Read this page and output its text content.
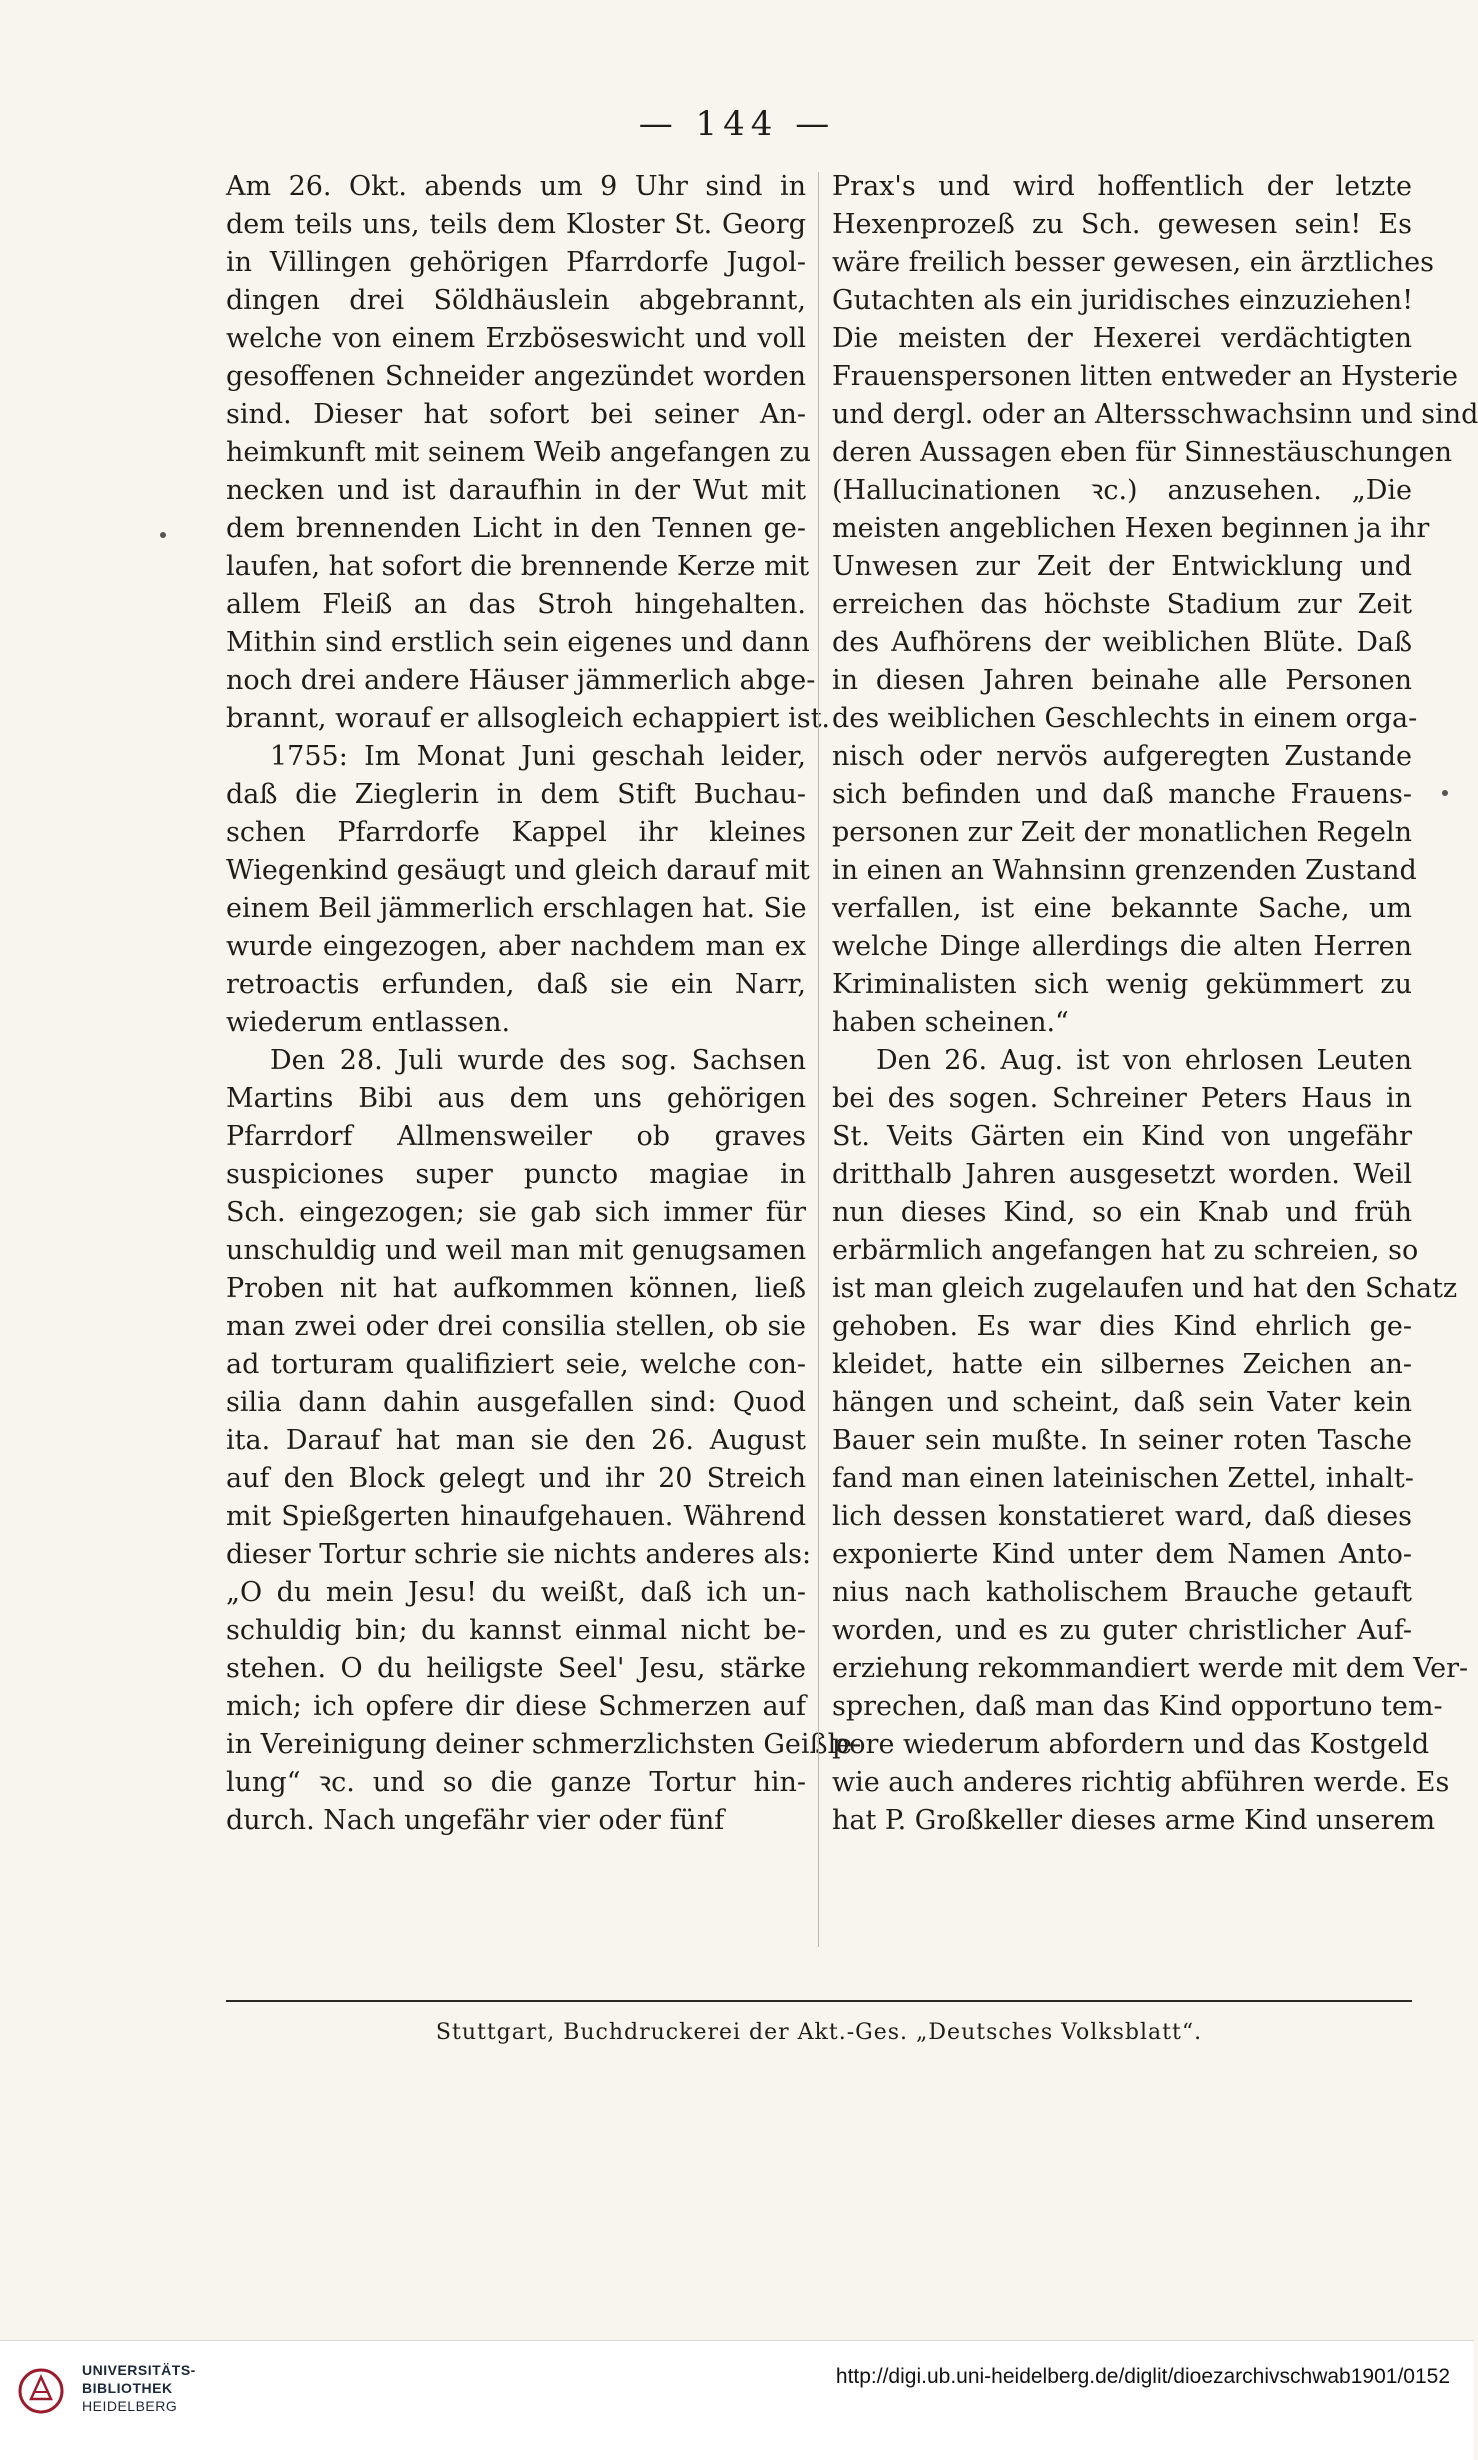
— 144 —
Am 26. Okt. abends um 9 Uhr sind in
dem teils uns, teils dem Kloster St. Georg
in Villingen gehörigen Pfarrdorfe Jugol-
dingen drei Söldhäuslein abgebrannt,
welche von einem Erzböseswicht und voll
gesoffenen Schneider angezündet worden
sind. Dieser hat sofort bei seiner An-
heimkunft mit seinem Weib angefangen zu
necken und ist daraufhin in der Wut mit
dem brennenden Licht in den Tennen ge-
laufen, hat sofort die brennende Kerze mit
allem Fleiß an das Stroh hingehalten.
Mithin sind erstlich sein eigenes und dann
noch drei andere Häuser jämmerlich abge-
brannt, worauf er allsogleich echappiert ist.
1755: Im Monat Juni geschah leider,
daß die Zieglerin in dem Stift Buchau-
schen Pfarrdorfe Kappel ihr kleines
Wiegenkind gesäugt und gleich darauf mit
einem Beil jämmerlich erschlagen hat. Sie
wurde eingezogen, aber nachdem man ex
retroactis erfunden, daß sie ein Narr,
wiederum entlassen.
Den 28. Juli wurde des sog. Sachsen
Martins Bibi aus dem uns gehörigen
Pfarrdorf Allmensweiler ob graves
suspiciones super puncto magiae in
Sch. eingezogen; sie gab sich immer für
unschuldig und weil man mit genugsamen
Proben nit hat aufkommen können, ließ
man zwei oder drei consilia stellen, ob sie
ad torturam qualifiziert seie, welche con-
silia dann dahin ausgefallen sind: Quod
ita. Darauf hat man sie den 26. August
auf den Block gelegt und ihr 20 Streich
mit Spießgerten hinaufgehauen. Während
dieser Tortur schrie sie nichts anderes als:
„O du mein Jesu! du weißt, daß ich un-
schuldig bin; du kannst einmal nicht be-
stehen. O du heiligste Seel' Jesu, stärke
mich; ich opfere dir diese Schmerzen auf
in Vereinigung deiner schmerzlichsten Geißle-
lung“ ꝛc. und so die ganze Tortur hin-
durch. Nach ungefähr vier oder fünf
Prax's und wird hoffentlich der letzte
Hexenprozeß zu Sch. gewesen sein! Es
wäre freilich besser gewesen, ein ärztliches
Gutachten als ein juridisches einzuziehen!
Die meisten der Hexerei verdächtigten
Frauenspersonen litten entweder an Hysterie
und dergl. oder an Altersschwachsinn und sind
deren Aussagen eben für Sinnestäuschungen
(Hallucinationen ꝛc.) anzusehen. „Die
meisten angeblichen Hexen beginnen ja ihr
Unwesen zur Zeit der Entwicklung und
erreichen das höchste Stadium zur Zeit
des Aufhörens der weiblichen Blüte. Daß
in diesen Jahren beinahe alle Personen
des weiblichen Geschlechts in einem orga-
nisch oder nervös aufgeregten Zustande
sich befinden und daß manche Frauens-
personen zur Zeit der monatlichen Regeln
in einen an Wahnsinn grenzenden Zustand
verfallen, ist eine bekannte Sache, um
welche Dinge allerdings die alten Herren
Kriminalisten sich wenig gekümmert zu
haben scheinen.“
Den 26. Aug. ist von ehrlosen Leuten
bei des sogen. Schreiner Peters Haus in
St. Veits Gärten ein Kind von ungefähr
dritthalb Jahren ausgesetzt worden. Weil
nun dieses Kind, so ein Knab und früh
erbärmlich angefangen hat zu schreien, so
ist man gleich zugelaufen und hat den Schatz
gehoben. Es war dies Kind ehrlich ge-
kleidet, hatte ein silbernes Zeichen an-
hängen und scheint, daß sein Vater kein
Bauer sein mußte. In seiner roten Tasche
fand man einen lateinischen Zettel, inhalt-
lich dessen konstatieret ward, daß dieses
exponierte Kind unter dem Namen Anto-
nius nach katholischem Brauche getauft
worden, und es zu guter christlicher Auf-
erziehung rekommandiert werde mit dem Ver-
sprechen, daß man das Kind opportuno tem-
pore wiederum abfordern und das Kostgeld
wie auch anderes richtig abführen werde. Es
hat P. Großkeller dieses arme Kind unserem
Stuttgart, Buchdruckerei der Akt.-Ges. „Deutsches Volksblatt“.
UNIVERSITÄTS-
BIBLIOTHEK
HEIDELBERG
http://digi.ub.uni-heidelberg.de/diglit/dioezarchivschwab1901/0152
